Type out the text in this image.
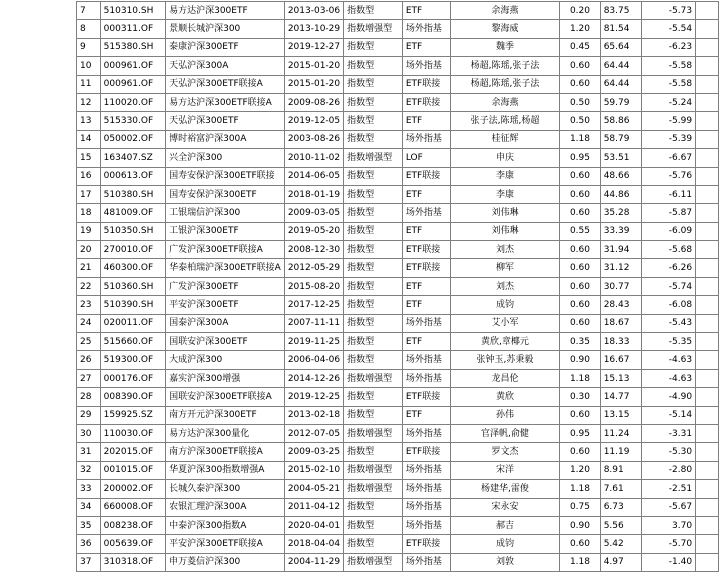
7	510310.SH	易方达沪深300ETF	2013-03-06	指数型	ETF	余海燕	0.20	83.75	-5.73	
8	000311.OF	景顺长城沪深300	2013-10-29	指数增强型	场外指基	黎海威	1.20	81.54	-5.54	
9	515380.SH	泰康沪深300ETF	2019-12-27	指数型	ETF	魏季	0.45	65.64	-6.23	
10	000961.OF	天弘沪深300A	2015-01-20	指数型	场外指基	杨超,陈瑶,张子法	0.60	64.44	-5.58	
11	000961.OF	天弘沪深300ETF联接A	2015-01-20	指数型	ETF联接	杨超,陈瑶,张子法	0.60	64.44	-5.58	
12	110020.OF	易方达沪深300ETF联接A	2009-08-26	指数型	ETF联接	余海燕	0.50	59.79	-5.24	
13	515330.OF	天弘沪深300ETF	2019-12-05	指数型	ETF	张子法,陈瑶,杨超	0.50	58.86	-5.99	
14	050002.OF	博时裕富沪深300A	2003-08-26	指数型	场外指基	桂征辉	1.18	58.79	-5.39	
15	163407.SZ	兴全沪深300	2010-11-02	指数增强型	LOF	申庆	0.95	53.51	-6.67	
16	000613.OF	国寿安保沪深300ETF联接	2014-06-05	指数型	ETF联接	李康	0.60	48.66	-5.76	
17	510380.SH	国寿安保沪深300ETF	2018-01-19	指数型	ETF	李康	0.60	44.86	-6.11	
18	481009.OF	工银瑞信沪深300	2009-03-05	指数型	场外指基	刘伟琳	0.60	35.28	-5.87	
19	510350.SH	工银沪深300ETF	2019-05-20	指数型	ETF	刘伟琳	0.55	33.39	-6.09	
20	270010.OF	广发沪深300ETF联接A	2008-12-30	指数型	ETF联接	刘杰	0.60	31.94	-5.68	
21	460300.OF	华泰柏瑞沪深300ETF联接A	2012-05-29	指数型	ETF联接	柳军	0.60	31.12	-6.26	
22	510360.SH	广发沪深300ETF	2015-08-20	指数型	ETF	刘杰	0.60	30.77	-5.74	
23	510390.SH	平安沪深300ETF	2017-12-25	指数型	ETF	成钧	0.60	28.43	-6.08	
24	020011.OF	国泰沪深300A	2007-11-11	指数型	场外指基	艾小军	0.60	18.67	-5.43	
25	515660.OF	国联安沪深300ETF	2019-11-25	指数型	ETF	黄欣,章椰元	0.35	18.33	-5.35	
26	519300.OF	大成沪深300	2006-04-06	指数型	场外指基	张钟玉,苏秉毅	0.90	16.67	-4.63	
27	000176.OF	嘉实沪深300增强	2014-12-26	指数增强型	场外指基	龙昌伦	1.18	15.13	-4.63	
28	008390.OF	国联安沪深300ETF联接A	2019-12-25	指数型	ETF联接	黄欣	0.30	14.77	-4.90	
29	159925.SZ	南方开元沪深300ETF	2013-02-18	指数型	ETF	孙伟	0.60	13.15	-5.14	
30	110030.OF	易方达沪深300量化	2012-07-05	指数增强型	场外指基	官泽帆,俞健	0.95	11.24	-3.31	
31	202015.OF	南方沪深300ETF联接A	2009-03-25	指数型	ETF联接	罗文杰	0.60	11.19	-5.30	
32	001015.OF	华夏沪深300指数增强A	2015-02-10	指数增强型	场外指基	宋洋	1.20	8.91	-2.80	
33	200002.OF	长城久泰沪深300	2004-05-21	指数增强型	场外指基	杨建华,雷俊	1.18	7.61	-2.51	
34	660008.OF	农银汇理沪深300A	2011-04-12	指数型	场外指基	宋永安	0.75	6.73	-5.67	
35	008238.OF	中泰沪深300指数A	2020-04-01	指数型	场外指基	郝吉	0.90	5.56	3.70	
36	005639.OF	平安沪深300ETF联接A	2018-04-04	指数型	ETF联接	成钧	0.60	5.42	-5.70	
37	310318.OF	申万菱信沪深300	2004-11-29	指数增强型	场外指基	刘敦	1.18	4.97	-1.40	
